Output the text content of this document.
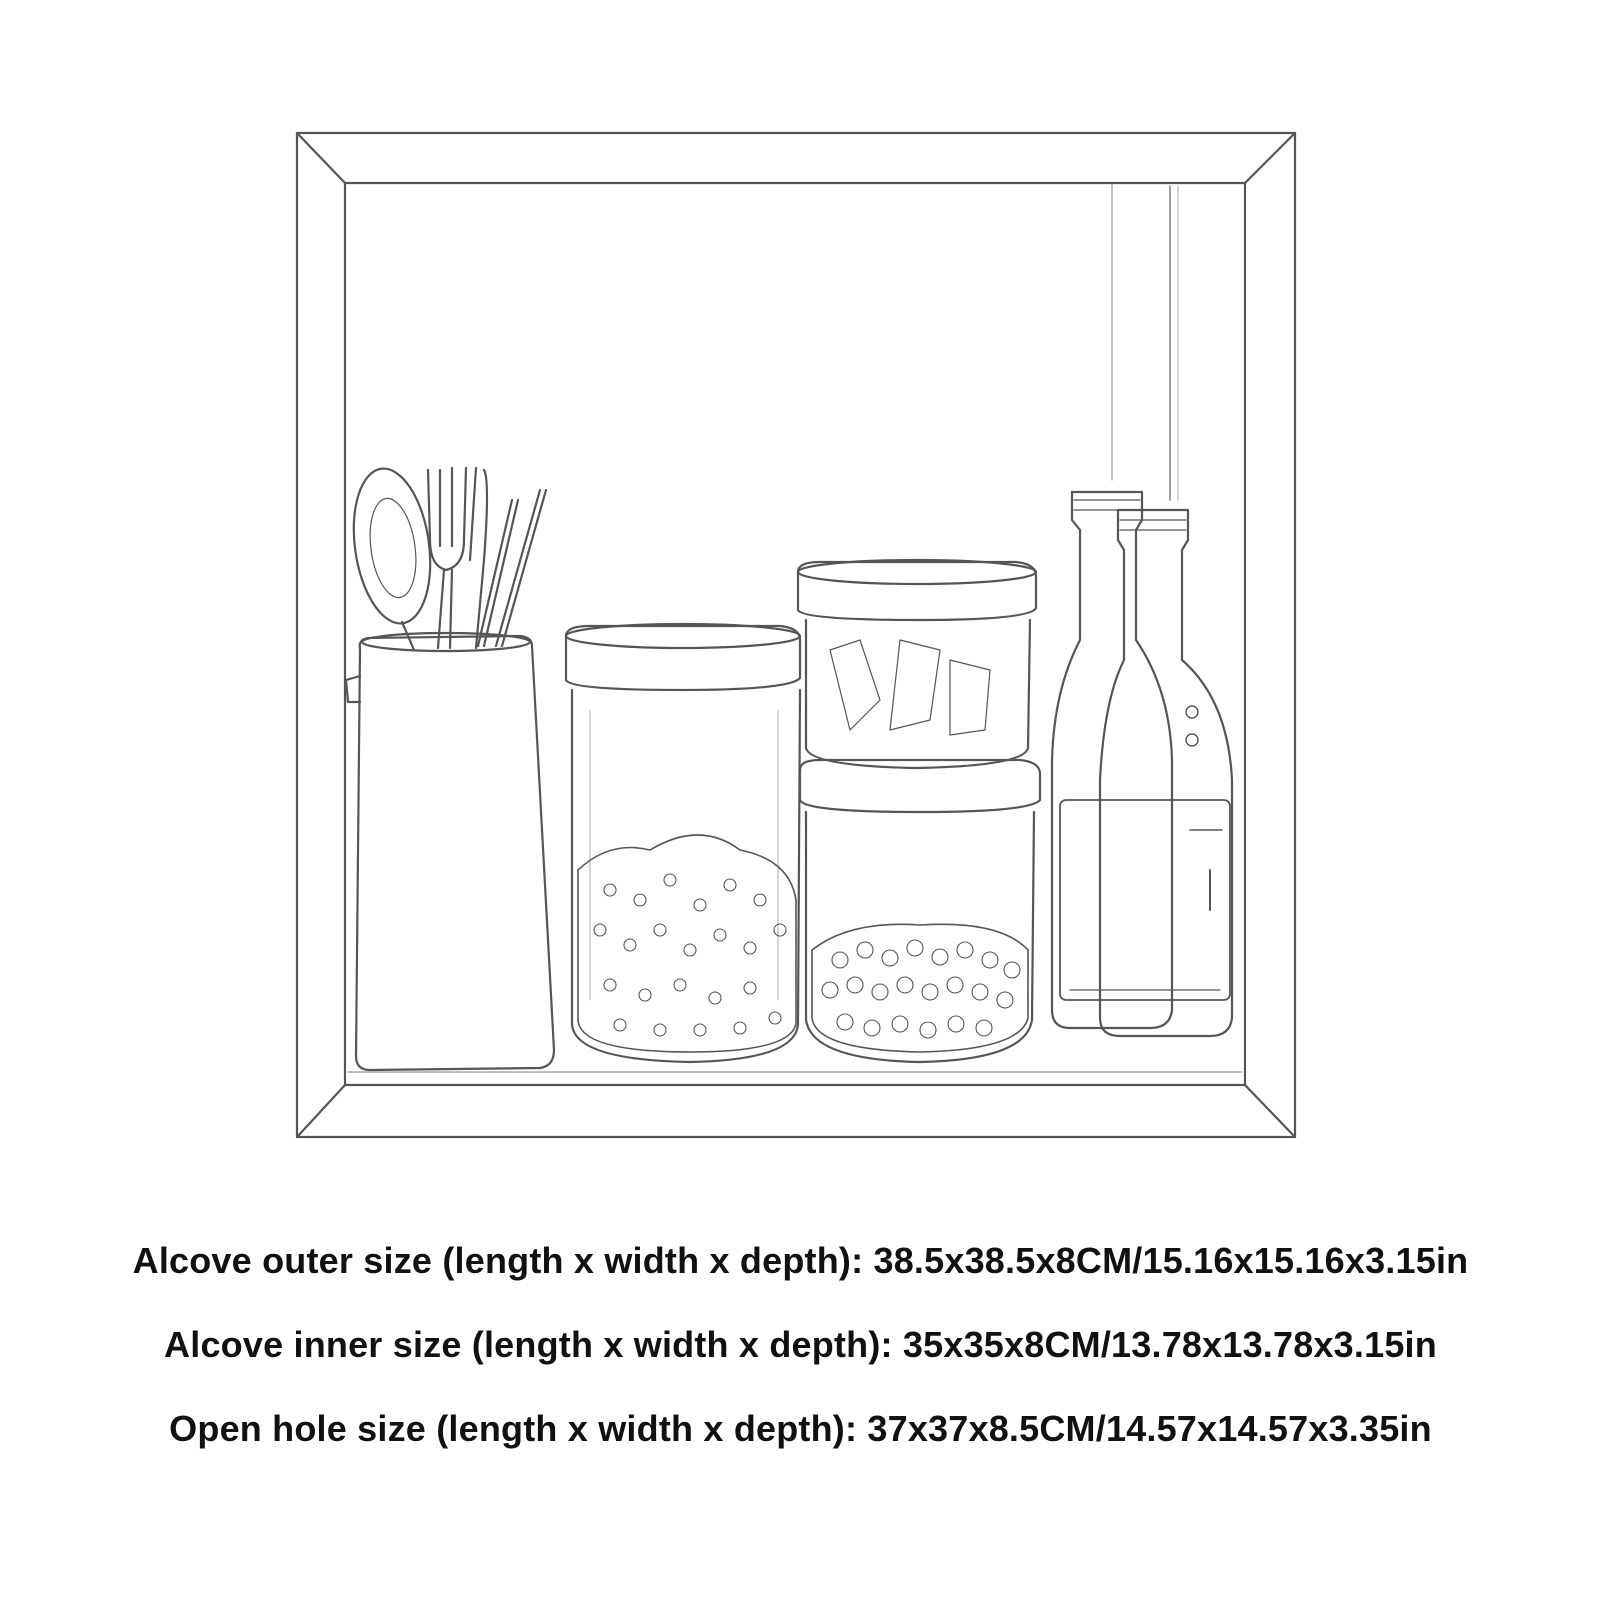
Alcove outer size (length x width x depth): 38.5x38.5x8CM/15.16x15.16x3.15in
Alcove inner size (length x width x depth): 35x35x8CM/13.78x13.78x3.15in
Open hole size (length x width x depth): 37x37x8.5CM/14.57x14.57x3.35in
